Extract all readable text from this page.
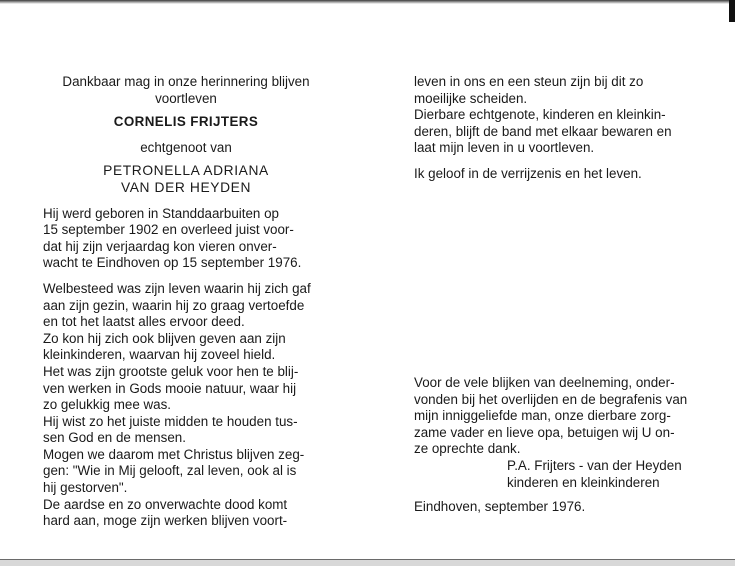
Dankbaar mag in onze herinnering blijven
voortleven
CORNELIS FRIJTERS
echtgenoot van
PETRONELLA ADRIANA
VAN DER HEYDEN
Hij werd geboren in Standdaarbuiten op
15 september 1902 en overleed juist voor-
dat hij zijn verjaardag kon vieren onver-
wacht te Eindhoven op 15 september 1976.
Welbesteed was zijn leven waarin hij zich gaf
aan zijn gezin, waarin hij zo graag vertoefde
en tot het laatst alles ervoor deed.
Zo kon hij zich ook blijven geven aan zijn
kleinkinderen, waarvan hij zoveel hield.
Het was zijn grootste geluk voor hen te blij-
ven werken in Gods mooie natuur, waar hij
zo gelukkig mee was.
Hij wist zo het juiste midden te houden tus-
sen God en de mensen.
Mogen we daarom met Christus blijven zeg-
gen: "Wie in Mij gelooft, zal leven, ook al is
hij gestorven".
De aardse en zo onverwachte dood komt
hard aan, moge zijn werken blijven voort-
leven in ons en een steun zijn bij dit zo
moeilijke scheiden.
Dierbare echtgenote, kinderen en kleinkin-
deren, blijft de band met elkaar bewaren en
laat mijn leven in u voortleven.
Ik geloof in de verrijzenis en het leven.
Voor de vele blijken van deelneming, onder-
vonden bij het overlijden en de begrafenis van
mijn inniggeliefde man, onze dierbare zorg-
zame vader en lieve opa, betuigen wij U on-
ze oprechte dank.
P.A. Frijters - van der Heyden
kinderen en kleinkinderen
Eindhoven, september 1976.
